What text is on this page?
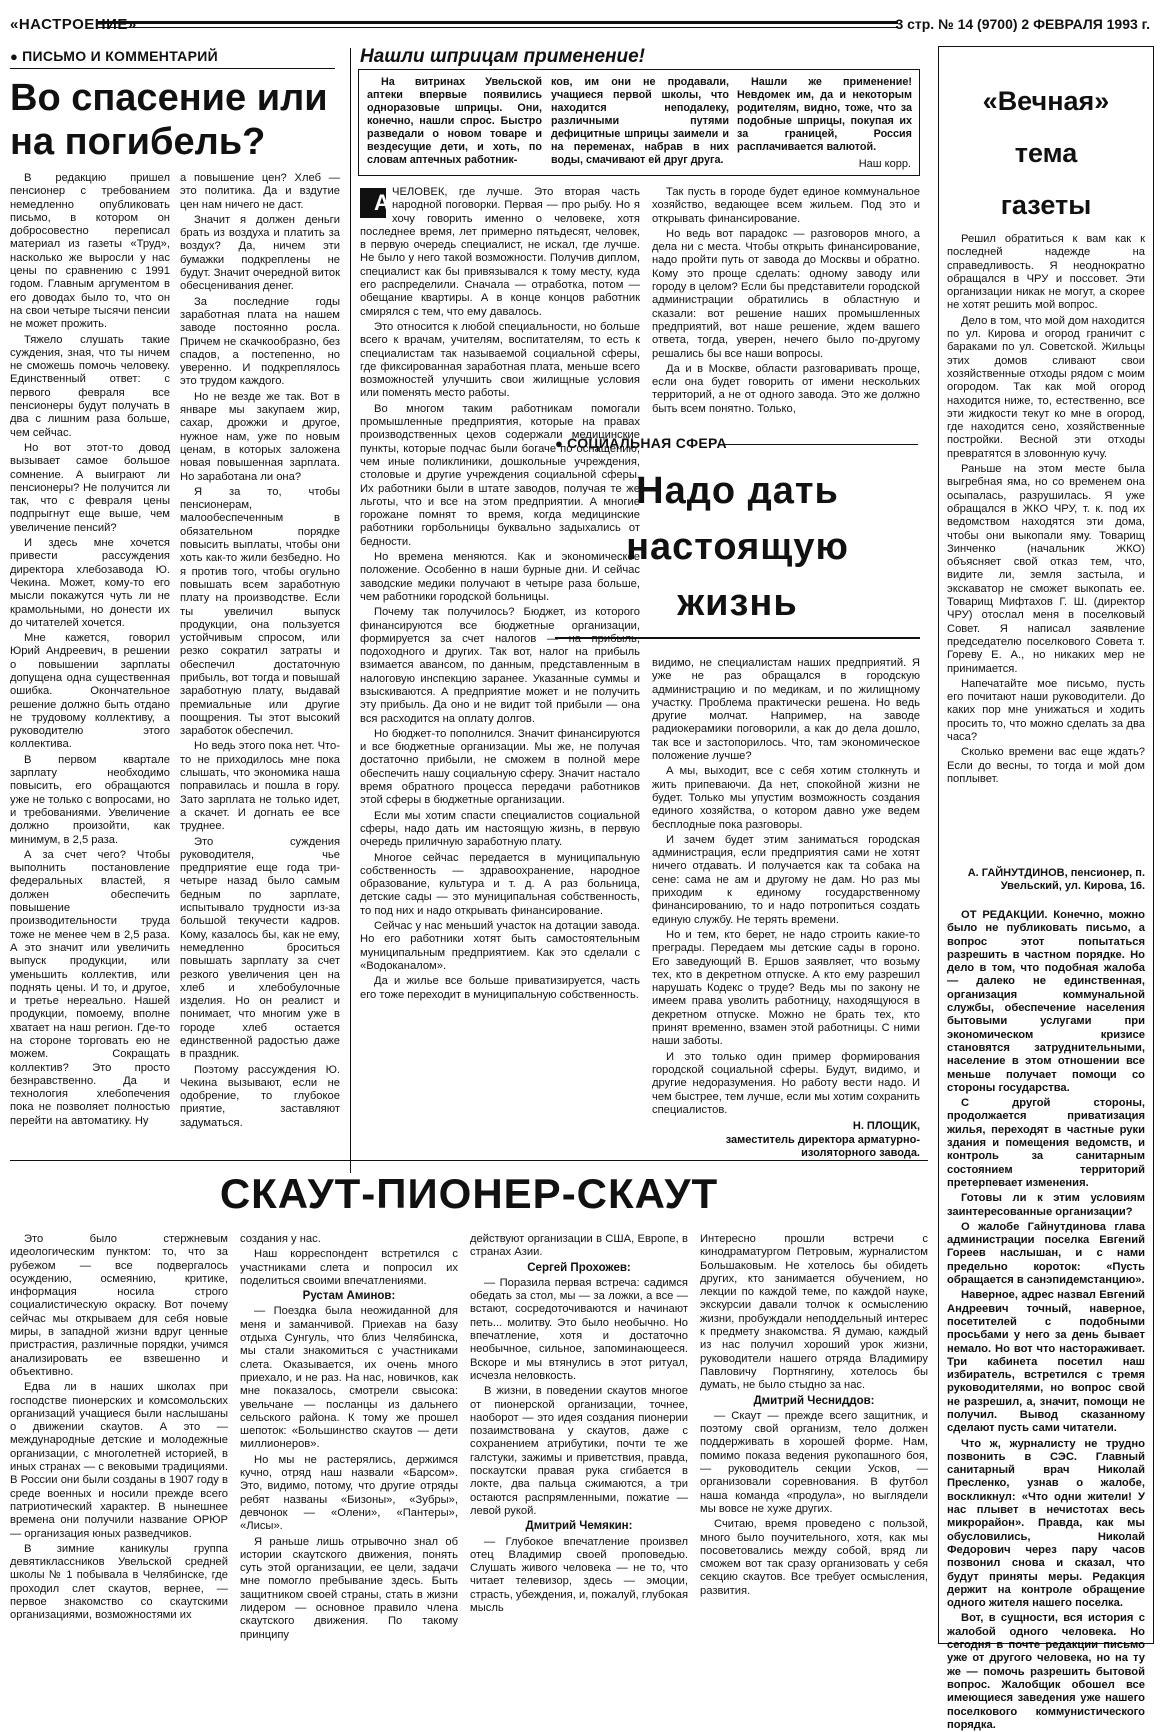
«НАСТРОЕНИЕ»	3 стр. № 14 (9700) 2 ФЕВРАЛЯ 1993 г.
● ПИСЬМО И КОММЕНТАРИЙ
Во спасение или на погибель?

В редакцию пришел пенсионер с требованием немедленно опубликовать письмо, в котором он добросовестно переписал материал из газеты «Труд», насколько же выросли у нас цены по сравнению с 1991 годом. Главным аргументом в его доводах было то, что он на свои четыре тысячи пенсии не может прожить.

Тяжело слушать такие суждения, зная, что ты ничем не сможешь помочь человеку. Единственный ответ: с первого февраля все пенсионеры будут получать в два с лишним раза больше, чем сейчас.

Но вот этот-то довод вызывает самое большое сомнение. А выиграют ли пенсионеры? Не получится ли так, что с февраля цены подпрыгнут еще выше, чем увеличение пенсий?

И здесь мне хочется привести рассуждения директора хлебозавода Ю. Чекина. Может, кому-то его мысли покажутся чуть ли не крамольными, но донести их до читателей хочется.

Мне кажется, говорил Юрий Андреевич, в решении о повышении зарплаты допущена одна существенная ошибка. Окончательное решение должно быть отдано не трудовому коллективу, а руководителю этого коллектива.

В первом квартале зарплату необходимо повысить, его обращаются уже не только с вопросами, но и требованиями. Увеличение должно произойти, как минимум, в 2,5 раза.

А за счет чего? Чтобы выполнить постановление федеральных властей, я должен обеспечить повышение производительности труда тоже не менее чем в 2,5 раза. А это значит или увеличить выпуск продукции, или уменьшить коллектив, или поднять цены. И то, и другое, и третье нереально. Нашей продукции, помоему, вполне хватает на наш регион. Где-то на стороне торговать ею не можем. Сокращать коллектив? Это просто безнравственно. Да и технология хлебопечения пока не позволяет полностью перейти на автоматику. Ну

а повышение цен? Хлеб — это политика. Да и вздутие цен нам ничего не даст.

Значит я должен деньги брать из воздуха и платить за воздух? Да, ничем эти бумажки подкреплены не будут. Значит очередной виток обесценивания денег.

За последние годы заработная плата на нашем заводе постоянно росла. Причем не скачкообразно, без спадов, а постепенно, но уверенно. И подкреплялось это трудом каждого.

Но не везде же так. Вот в январе мы закупаем жир, сахар, дрожжи и другое, нужное нам, уже по новым ценам, в которых заложена новая повышенная зарплата. Но заработана ли она?

Я за то, чтобы пенсионерам, малообеспеченным в обязательном порядке повысить выплаты, чтобы они хоть как-то жили безбедно. Но я против того, чтобы огульно повышать всем заработную плату на производстве. Если ты увеличил выпуск продукции, она пользуется устойчивым спросом, или резко сократил затраты и обеспечил достаточную прибыль, вот тогда и повышай заработную плату, выдавай премиальные или другие поощрения. Ты этот высокий заработок обеспечил.

Но ведь этого пока нет. Что-то не приходилось мне пока слышать, что экономика наша поправилась и пошла в гору. Зато зарплата не только идет, а скачет. И догнать ее все труднее.

Это суждения руководителя, чье предприятие еще года три-четыре назад было самым бедным по зарплате, испытывало трудности из-за большой текучести кадров. Кому, казалось бы, как не ему, немедленно броситься повышать зарплату за счет резкого увеличения цен на хлеб и хлебобулочные изделия. Но он реалист и понимает, что многим уже в городе хлеб остается единственной радостью даже в праздник.

Поэтому рассуждения Ю. Чекина вызывают, если не одобрение, то глубокое приятие, заставляют задуматься.

Нашли шприцам применение!

На витринах Увельской аптеки впервые появились одноразовые шприцы. Они, конечно, нашли спрос. Быстро разведали о новом товаре и вездесущие дети, и хоть, по словам аптечных работник-

ков, им они не продавали, учащиеся первой школы, что находится неподалеку, различными путями дефицитные шприцы заимели и на переменах, набрав в них воды, смачивают ей друг друга.

Нашли же применение! Невдомек им, да и некоторым родителям, видно, тоже, что за подобные шприцы, покупая их за границей, Россия расплачивается валютой.

Наш корр.
А ЧЕЛОВЕК, где лучше. Это вторая часть народной поговорки. Первая — про рыбу. Но я хочу говорить именно о человеке, хотя последнее время, лет примерно пятьдесят, человек, в первую очередь специалист, не искал, где лучше. Не было у него такой возможности. Получив диплом, специалист как бы привязывался к тому месту, куда его распределили. Сначала — отработка, потом — обещание квартиры. А в конце концов работник смирялся с тем, что ему давалось.

Это относится к любой специальности, но больше всего к врачам, учителям, воспитателям, то есть к специалистам так называемой социальной сферы, где фиксированная заработная плата, меньше всего возможностей улучшить свои жилищные условия или поменять место работы.

Во многом таким работникам помогали промышленные предприятия, которые на правах производственных цехов содержали медицинские пункты, которые подчас были богаче по оснащению, чем иные поликлиники, дошкольные учреждения, столовые и другие учреждения социальной сферы. Их работники были в штате заводов, получая те же льготы, что и все на этом предприятии. А многие горожане помнят то время, когда медицинские работники горбольницы буквально задыхались от бедности.

Но времена меняются. Как и экономическое положение. Особенно в наши бурные дни. И сейчас заводские медики получают в четыре раза больше, чем работники городской больницы.

Почему так получилось? Бюджет, из которого финансируются все бюджетные организации, формируется за счет налогов — на прибыль, подоходного и других. Так вот, налог на прибыль взимается авансом, по данным, представленным в налоговую инспекцию заранее. Указанные суммы и взыскиваются. А предприятие может и не получить эту прибыль. Да оно и не видит той прибыли — она вся расходится на оплату долгов.

Но бюджет-то пополнился. Значит финансируются и все бюджетные организации. Мы же, не получая достаточно прибыли, не сможем в полной мере обеспечить нашу социальную сферу. Значит настало время обратного процесса передачи работников этой сферы в бюджетные организации.

Если мы хотим спасти специалистов социальной сферы, надо дать им настоящую жизнь, в первую очередь приличную заработную плату.

Многое сейчас передается в муниципальную собственность — здравоохранение, народное образование, культура и т. д. А раз больница, детские сады — это муниципальная собственность, то под них и надо открывать финансирование.

Сейчас у нас меньший участок на дотации завода. Но его работники хотят быть самостоятельным муниципальным предприятием. Как это сделали с «Водоканалом».

Да и жилье все больше приватизируется, часть его тоже переходит в муниципальную собственность.

Так пусть в городе будет единое коммунальное хозяйство, ведающее всем жильем. Под это и открывать финансирование.

Но ведь вот парадокс — разговоров много, а дела ни с места. Чтобы открыть финансирование, надо пройти путь от завода до Москвы и обратно. Кому это проще сделать: одному заводу или городу в целом? Если бы представители городской администрации обратились в областную и сказали: вот решение наших промышленных предприятий, вот наше решение, ждем вашего ответа, тогда, уверен, нечего было по-другому решались бы все наши вопросы.

Да и в Москве, области разговаривать проще, если она будет говорить от имени нескольких территорий, а не от одного завода. Это же должно быть всем понятно. Только,

● СОЦИАЛЬНАЯ СФЕРА
Надо дать
настоящую
жизнь

видимо, не специалистам наших предприятий. Я уже не раз обращался в городскую администрацию и по медикам, и по жилищному участку. Проблема практически решена. Но ведь другие молчат. Например, на заводе радиокерамики поговорили, а как до дела дошло, так все и застопорилось. Что, там экономическое положение лучше?

А мы, выходит, все с себя хотим столкнуть и жить припеваючи. Да нет, спокойной жизни не будет. Только мы упустим возможность создания единого хозяйства, о котором давно уже ведем бесплодные пока разговоры.

И зачем будет этим заниматься городская администрация, если предприятия сами не хотят ничего отдавать. И получается как та собака на сене: сама не ам и другому не дам. Но раз мы приходим к единому государственному финансированию, то и надо потропиться создать единую службу. Не терять времени.

Но и тем, кто берет, не надо строить какие-то преграды. Передаем мы детские сады в гороно. Его заведующий В. Ершов заявляет, что возьму тех, кто в декретном отпуске. А кто ему разрешил нарушать Кодекс о труде? Ведь мы по закону не имеем права уволить работницу, находящуюся в декретном отпуске. Можно не брать тех, кто принят временно, взамен этой работницы. С ними наши заботы.

И это только один пример формирования городской социальной сферы. Будут, видимо, и другие недоразумения. Но работу вести надо. И чем быстрее, тем лучше, если мы хотим сохранить специалистов.

Н. ПЛОЩИК,
заместитель директора арматурно-изоляторного завода.
«Вечная»
тема
газеты

Решил обратиться к вам как к последней надежде на справедливость. Я неоднократно обращался в ЧРУ и поссовет. Эти организации никак не могут, а скорее не хотят решить мой вопрос.

Дело в том, что мой дом находится по ул. Кирова и огород граничит с бараками по ул. Советской. Жильцы этих домов сливают свои хозяйственные отходы рядом с моим огородом. Так как мой огород находится ниже, то, естественно, все эти жидкости текут ко мне в огород, где находится сено, хозяйственные постройки. Весной эти отходы превратятся в зловонную кучу.

Раньше на этом месте была выгребная яма, но со временем она осыпалась, разрушилась. Я уже обращался в ЖКО ЧРУ, т. к. под их ведомством находятся эти дома, чтобы они выкопали яму. Товарищ Зинченко (начальник ЖКО) объясняет свой отказ тем, что, видите ли, земля застыла, и экскаватор не сможет выкопать ее. Товарищ Мифтахов Г. Ш. (директор ЧРУ) отослал меня в поселковый Совет. Я написал заявление председателю поселкового Совета т. Гореву Е. А., но никаких мер не принимается.

Напечатайте мое письмо, пусть его почитают наши руководители. До каких пор мне унижаться и ходить просить то, что можно сделать за два часа?

Сколько времени вас еще ждать? Если до весны, то тогда и мой дом поплывет.

А. ГАЙНУТДИНОВ, пенсионер, п. Увельский, ул. Кирова, 16.

ОТ РЕДАКЦИИ. Конечно, можно было не публиковать письмо, а вопрос этот попытаться разрешить в частном порядке. Но дело в том, что подобная жалоба — далеко не единственная, организация коммунальной службы, обеспечение населения бытовыми услугами при экономическом кризисе становятся затруднительными, население в этом отношении все меньше получает помощи со стороны государства.

С другой стороны, продолжается приватизация жилья, переходят в частные руки здания и помещения ведомств, и контроль за санитарным состоянием территорий претерпевает изменения.

Готовы ли к этим условиям заинтересованные организации?

О жалобе Гайнутдинова глава администрации поселка Евгений Гореев наслышан, и с нами предельно короток: «Пусть обращается в санэпидемстанцию».

Наверное, адрес назвал Евгений Андреевич точный, наверное, посетителей с подобными просьбами у него за день бывает немало. Но вот что настораживает. Три кабинета посетил наш избиратель, встретился с тремя руководителями, но вопрос свой не разрешил, а, значит, помощи не получил. Вывод сказанному сделают пусть сами читатели.

Что ж, журналисту не трудно позвонить в СЭС. Главный санитарный врач Николай Пресленко, узнав о жалобе, воскликнул: «Что одни жители! У нас плывет в нечистотах весь микрорайон». Правда, как мы обусловились, Николай Федорович через пару часов позвонил снова и сказал, что будут приняты меры. Редакция держит на контроле обращение одного жителя нашего поселка.

Вот, в сущности, вся история с жалобой одного человека. Но сегодня в почте редакции письмо уже от другого человека, но на ту же — помочь разрешить бытовой вопрос. Жалобщик обошел все имеющиеся заведения уже нашего поселкового коммунистического порядка.

СКАУТ-ПИОНЕР-СКАУТ

Это было стержневым идеологическим пунктом: то, что за рубежом — все подвергалось осуждению, осмеянию, критике, информация носила строго социалистическую окраску. Вот почему сейчас мы открываем для себя новые миры, в западной жизни вдруг ценные пристрастия, различные порядки, учимся анализировать ее взвешенно и объективно.

Едва ли в наших школах при господстве пионерских и комсомольских организаций учащиеся были наслышаны о движении скаутов. А это — международные детские и молодежные организации, с многолетней историей, в иных странах — с вековыми традициями. В России они были созданы в 1907 году в среде военных и носили прежде всего патриотический характер. В нынешнее времена они получили название ОРЮР — организация юных разведчиков.

В зимние каникулы группа девятиклассников Увельской средней школы № 1 побывала в Челябинске, где проходил слет скаутов, вернее, — первое знакомство со скаутскими организациями, возможностями их

создания у нас.

Наш корреспондент встретился с участниками слета и попросил их поделиться своими впечатлениями.

Рустам Аминов:

— Поездка была неожиданной для меня и заманчивой. Приехав на базу отдыха Сунгуль, что близ Челябинска, мы стали знакомиться с участниками слета. Оказывается, их очень много приехало, и не раз. На нас, новичков, как мне показалось, смотрели свысока: увельчане — посланцы из дальнего сельского района. К тому же прошел шепоток: «Большинство скаутов — дети миллионеров».

Но мы не растерялись, держимся кучно, отряд наш назвали «Барсом». Это, видимо, потому, что другие отряды ребят названы «Бизоны», «Зубры», девчонок — «Олени», «Пантеры», «Лисы».

Я раньше лишь отрывочно знал об истории скаутского движения, понять суть этой организации, ее цели, задачи мне помогло пребывание здесь. Быть защитником своей страны, стать в жизни лидером — основное правило члена скаутского движения. По такому принципу

действуют организации в США, Европе, в странах Азии.

Сергей Прохожев:

— Поразила первая встреча: садимся обедать за стол, мы — за ложки, а все — встают, сосредоточиваются и начинают петь... молитву. Это было необычно. Но впечатление, хотя и достаточно необычное, сильное, запоминающееся. Вскоре и мы втянулись в этот ритуал, исчезла неловкость.

В жизни, в поведении скаутов многое от пионерской организации, точнее, наоборот — это идея создания пионерии позаимствована у скаутов, даже с сохранением атрибутики, почти те же галстуки, зажимы и приветствия, правда, поскаутски правая рука сгибается в локте, два пальца сжимаются, а три остаются распрямленными, пожатие — левой рукой.

Дмитрий Чемякин:

— Глубокое впечатление произвел отец Владимир своей проповедью. Слушать живого человека — не то, что читает телевизор, здесь — эмоции, страсть, убеждения, и, пожалуй, глубокая мысль

Интересно прошли встречи с кинодраматургом Петровым, журналистом Большаковым. Не хотелось бы обидеть других, кто занимается обучением, но лекции по каждой теме, по каждой науке, экскурсии давали толчок к осмыслению жизни, пробуждали неподдельный интерес к предмету знакомства. Я думаю, каждый из нас получил хороший урок жизни, руководители нашего отряда Владимиру Павловичу Портнягину, хотелось бы думать, не было стыдно за нас.

Дмитрий Чесниддов:

— Скаут — прежде всего защитник, и поэтому свой организм, тело должен поддерживать в хорошей форме. Нам, помимо показа ведения рукопашного боя, — руководитель секции Усков, — организовали соревнования. В футбол наша команда «продула», но выглядели мы вовсе не хуже других.

Считаю, время проведено с пользой, много было поучительного, хотя, как мы посоветовались между собой, вряд ли сможем вот так сразу организовать у себя секцию скаутов. Все требует осмысления, развития.
